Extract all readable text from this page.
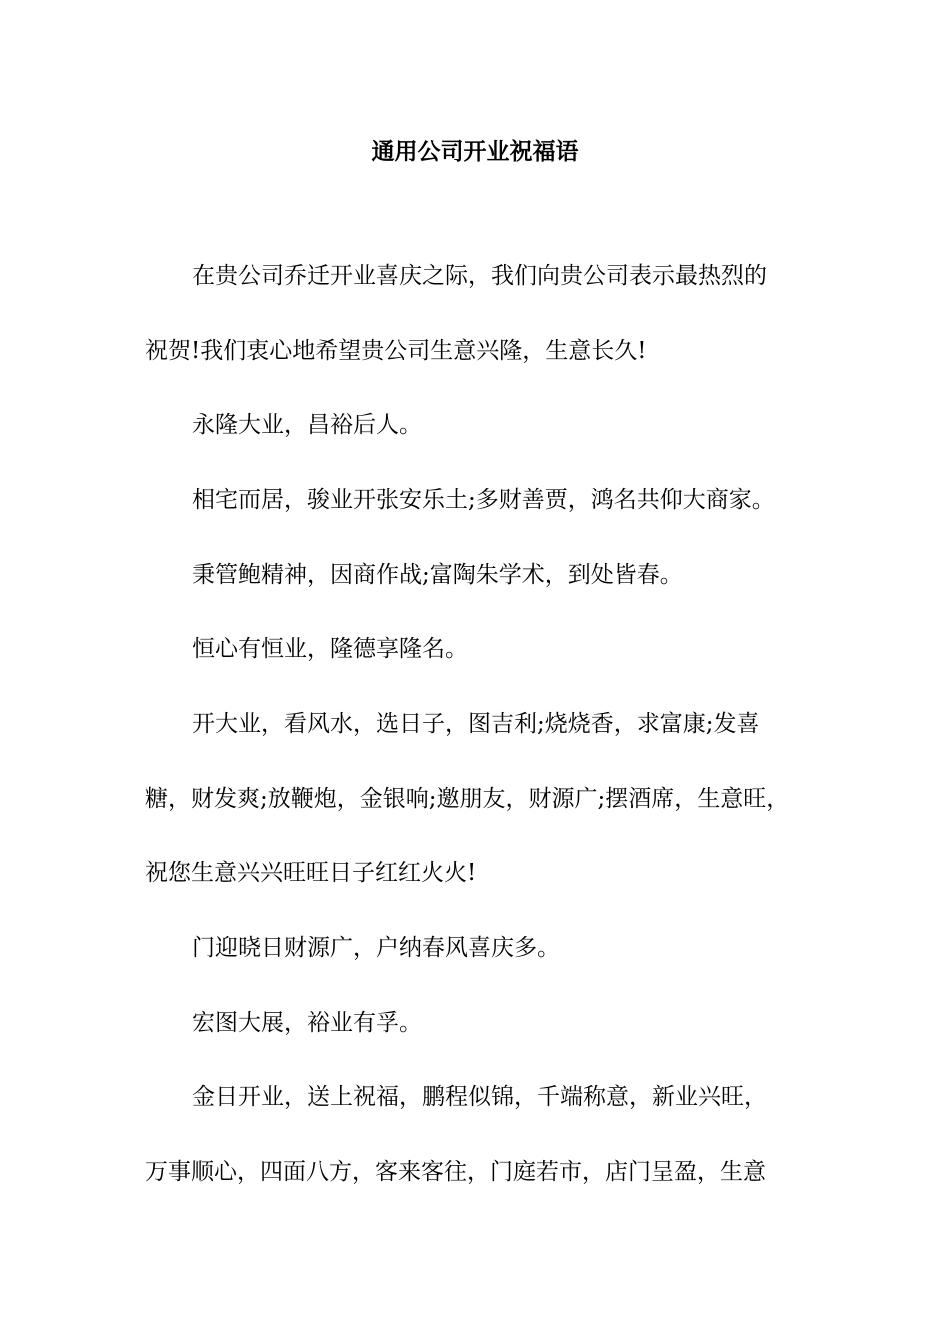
通用公司开业祝福语
在贵公司乔迁开业喜庆之际，我们向贵公司表示最热烈的
祝贺!我们衷心地希望贵公司生意兴隆，生意长久!
永隆大业，昌裕后人。
相宅而居，骏业开张安乐土;多财善贾，鸿名共仰大商家。
秉管鲍精神，因商作战;富陶朱学术，到处皆春。
恒心有恒业，隆德享隆名。
开大业，看风水，选日子，图吉利;烧烧香，求富康;发喜
糖，财发爽;放鞭炮，金银响;邀朋友，财源广;摆酒席，生意旺，
祝您生意兴兴旺旺日子红红火火!
门迎晓日财源广，户纳春风喜庆多。
宏图大展，裕业有孚。
金日开业，送上祝福，鹏程似锦，千端称意，新业兴旺，
万事顺心，四面八方，客来客往，门庭若市，店门呈盈，生意
